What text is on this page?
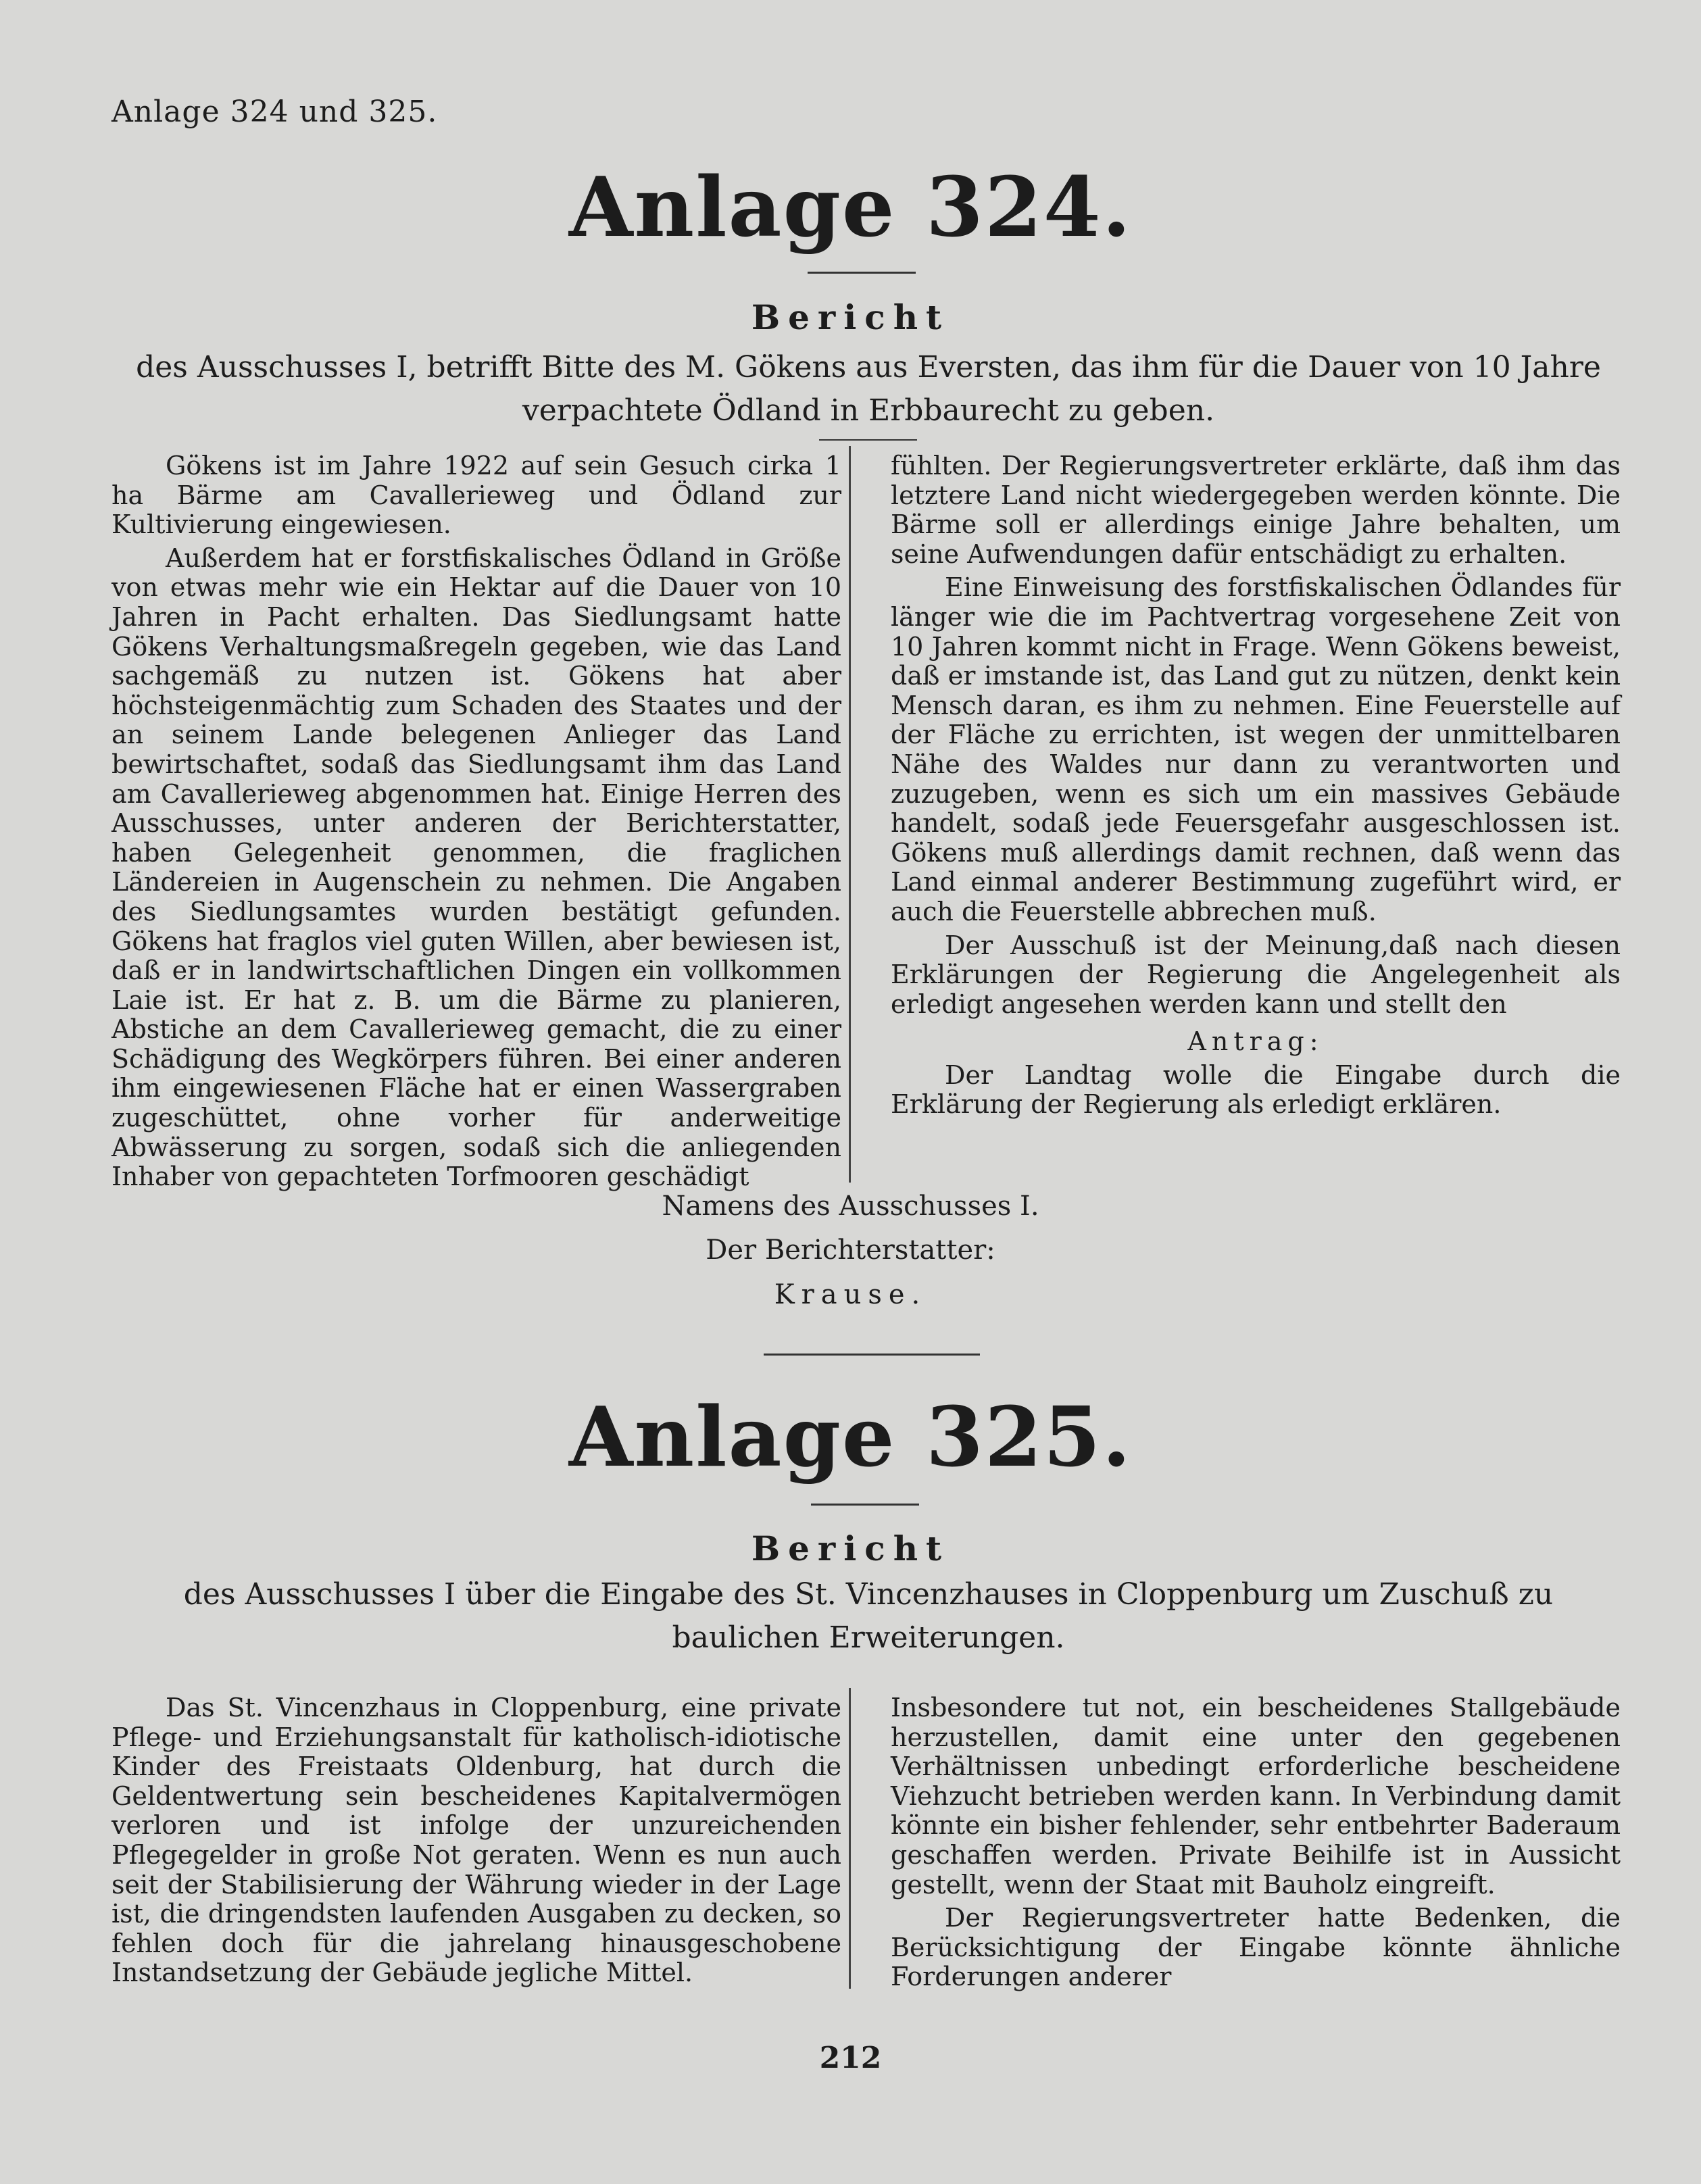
Anlage 324 und 325.
Anlage 324.
Bericht
des Ausschusses I, betrifft Bitte des M. Gökens aus Eversten, das ihm für die Dauer von 10 Jahre verpachtete Ödland in Erbbaurecht zu geben.

Gökens ist im Jahre 1922 auf sein Gesuch cirka 1 ha Bärme am Cavallerieweg und Ödland zur Kultivierung eingewiesen.

Außerdem hat er forstfiskalisches Ödland in Größe von etwas mehr wie ein Hektar auf die Dauer von 10 Jahren in Pacht erhalten. Das Siedlungsamt hatte Gökens Verhaltungsmaßregeln gegeben, wie das Land sachgemäß zu nutzen ist. Gökens hat aber höchsteigenmächtig zum Schaden des Staates und der an seinem Lande belegenen Anlieger das Land bewirtschaftet, sodaß das Siedlungsamt ihm das Land am Cavallerieweg abgenommen hat. Einige Herren des Ausschusses, unter anderen der Berichterstatter, haben Gelegenheit genommen, die fraglichen Ländereien in Augenschein zu nehmen. Die Angaben des Siedlungsamtes wurden bestätigt gefunden. Gökens hat fraglos viel guten Willen, aber bewiesen ist, daß er in landwirtschaftlichen Dingen ein vollkommen Laie ist. Er hat z. B. um die Bärme zu planieren, Abstiche an dem Cavallerieweg gemacht, die zu einer Schädigung des Wegkörpers führen. Bei einer anderen ihm eingewiesenen Fläche hat er einen Wassergraben zugeschüttet, ohne vorher für anderweitige Abwässerung zu sorgen, sodaß sich die anliegenden Inhaber von gepachteten Torfmooren geschädigt

fühlten. Der Regierungsvertreter erklärte, daß ihm das letztere Land nicht wiedergegeben werden könnte. Die Bärme soll er allerdings einige Jahre behalten, um seine Aufwendungen dafür entschädigt zu erhalten.

Eine Einweisung des forstfiskalischen Ödlandes für länger wie die im Pachtvertrag vorgesehene Zeit von 10 Jahren kommt nicht in Frage. Wenn Gökens beweist, daß er imstande ist, das Land gut zu nützen, denkt kein Mensch daran, es ihm zu nehmen. Eine Feuerstelle auf der Fläche zu errichten, ist wegen der unmittelbaren Nähe des Waldes nur dann zu verantworten und zuzugeben, wenn es sich um ein massives Gebäude handelt, sodaß jede Feuersgefahr ausgeschlossen ist. Gökens muß allerdings damit rechnen, daß wenn das Land einmal anderer Bestimmung zugeführt wird, er auch die Feuerstelle abbrechen muß.

Der Ausschuß ist der Meinung,daß nach diesen Erklärungen der Regierung die Angelegenheit als erledigt angesehen werden kann und stellt den

Antrag:

Der Landtag wolle die Eingabe durch die Erklärung der Regierung als erledigt erklären.

Namens des Ausschusses I.
Der Berichterstatter:
Krause.
Anlage 325.
Bericht
des Ausschusses I über die Eingabe des St. Vincenzhauses in Cloppenburg um Zuschuß zu baulichen Erweiterungen.

Das St. Vincenzhaus in Cloppenburg, eine private Pflege- und Erziehungsanstalt für katholisch-idiotische Kinder des Freistaats Oldenburg, hat durch die Geldentwertung sein bescheidenes Kapitalvermögen verloren und ist infolge der unzureichenden Pflegegelder in große Not geraten. Wenn es nun auch seit der Stabilisierung der Währung wieder in der Lage ist, die dringendsten laufenden Ausgaben zu decken, so fehlen doch für die jahrelang hinausgeschobene Instandsetzung der Gebäude jegliche Mittel.

Insbesondere tut not, ein bescheidenes Stallgebäude herzustellen, damit eine unter den gegebenen Verhältnissen unbedingt erforderliche bescheidene Viehzucht betrieben werden kann. In Verbindung damit könnte ein bisher fehlender, sehr entbehrter Baderaum geschaffen werden. Private Beihilfe ist in Aussicht gestellt, wenn der Staat mit Bauholz eingreift.

Der Regierungsvertreter hatte Bedenken, die Berücksichtigung der Eingabe könnte ähnliche Forderungen anderer

212
